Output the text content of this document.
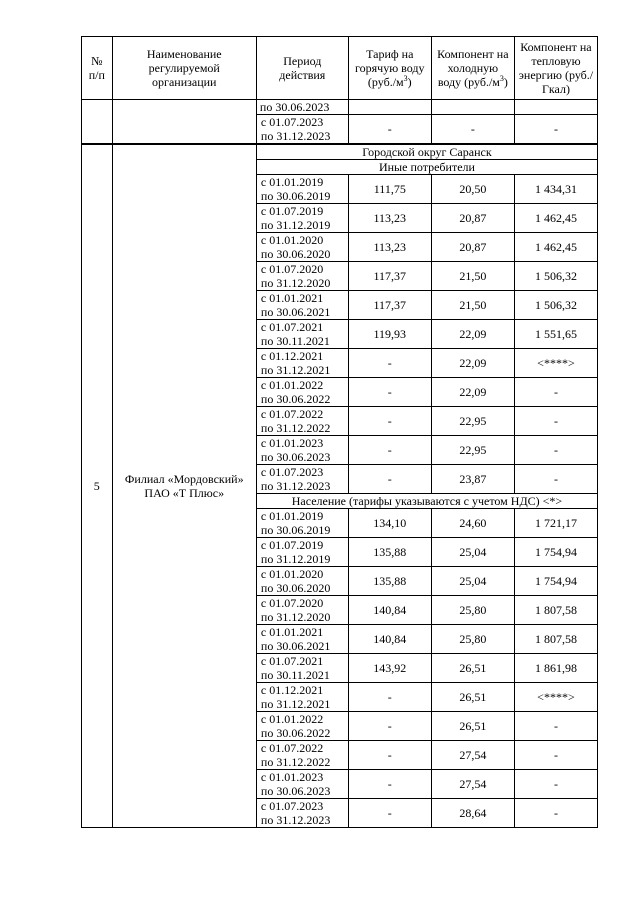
№ п/п	Наименование регулируемой организации	Период действия	Тариф на горячую воду $(руб./м^3)$	Компонент на холодную воду $(руб./м^3)$	Компонент на тепловую энергию (руб./Гкал)
		по 30.06.2023			
		с 01.07.2023
по 31.12.2023	-	-	-
5	Филиал «Мордовский» ПАО «Т Плюс»	Городской округ Саранск			
		Иные потребители			
		с 01.01.2019
по 30.06.2019	111,75	20,50	1 434,31
		с 01.07.2019
по 31.12.2019	113,23	20,87	1 462,45
		с 01.01.2020
по 30.06.2020	113,23	20,87	1 462,45
		с 01.07.2020
по 31.12.2020	117,37	21,50	1 506,32
		с 01.01.2021
по 30.06.2021	117,37	21,50	1 506,32
		с 01.07.2021
по 30.11.2021	119,93	22,09	1 551,65
		с 01.12.2021
по 31.12.2021	-	22,09	<****>
		с 01.01.2022
по 30.06.2022	-	22,09	-
		с 01.07.2022
по 31.12.2022	-	22,95	-
		с 01.01.2023
по 30.06.2023	-	22,95	-
		с 01.07.2023
по 31.12.2023	-	23,87	-
		Население (тарифы указываются с учетом НДС) <*>			
		с 01.01.2019
по 30.06.2019	134,10	24,60	1 721,17
		с 01.07.2019
по 31.12.2019	135,88	25,04	1 754,94
		с 01.01.2020
по 30.06.2020	135,88	25,04	1 754,94
		с 01.07.2020
по 31.12.2020	140,84	25,80	1 807,58
		с 01.01.2021
по 30.06.2021	140,84	25,80	1 807,58
		с 01.07.2021
по 30.11.2021	143,92	26,51	1 861,98
		с 01.12.2021
по 31.12.2021	-	26,51	<****>
		с 01.01.2022
по 30.06.2022	-	26,51	-
		с 01.07.2022
по 31.12.2022	-	27,54	-
		с 01.01.2023
по 30.06.2023	-	27,54	-
		с 01.07.2023
по 31.12.2023	-	28,64	-
